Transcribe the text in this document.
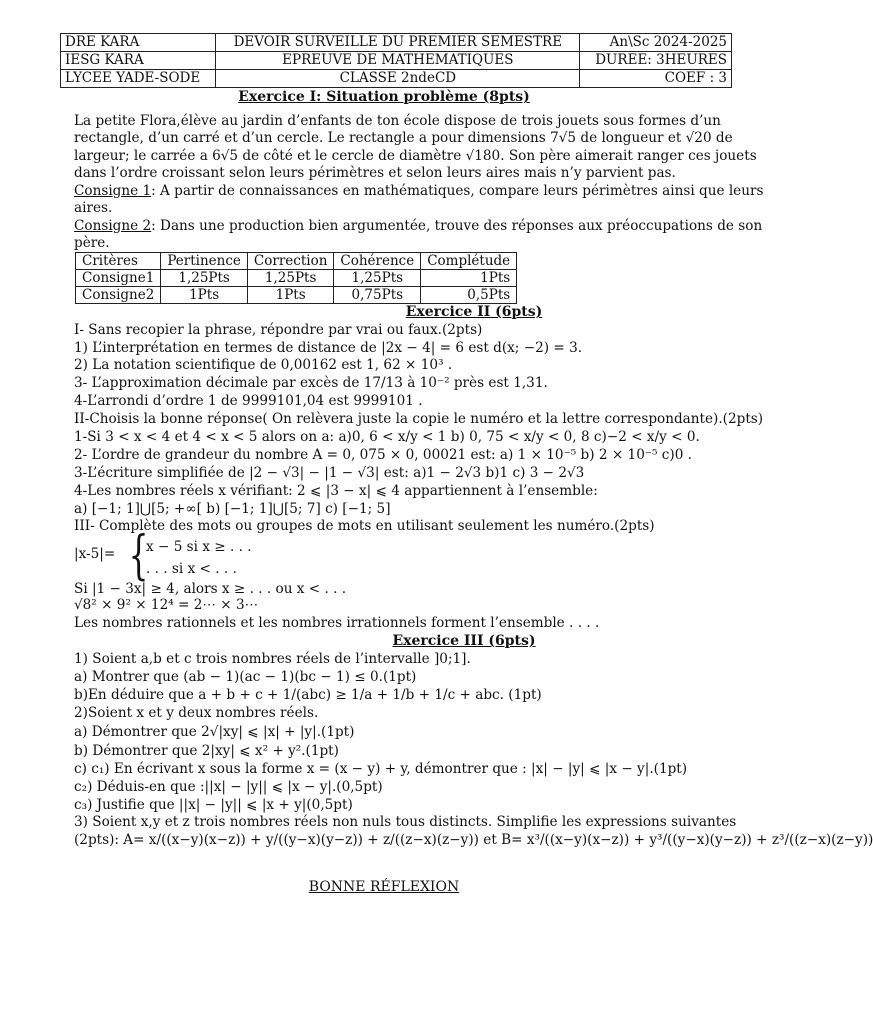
DRE KARA	DEVOIR SURVEILLE DU PREMIER SEMESTRE	An\Sc 2024-2025
IESG KARA	EPREUVE DE MATHEMATIQUES	DUREE: 3HEURES
LYCEE YADE-SODE	CLASSE 2ndeCD	COEF : 3
Exercice I: Situation problème (8pts)
La petite Flora,élève au jardin d’enfants de ton école dispose de trois jouets sous formes d’un
rectangle, d’un carré et d’un cercle. Le rectangle a pour dimensions 7√5 de longueur et √20 de
largeur; le carrée a 6√5 de côté et le cercle de diamètre √180. Son père aimerait ranger ces jouets
dans l’ordre croissant selon leurs périmètres et selon leurs aires mais n’y parvient pas.
Consigne 1: A partir de connaissances en mathématiques, compare leurs périmètres ainsi que leurs
aires.
Consigne 2: Dans une production bien argumentée, trouve des réponses aux préoccupations de son
père.
Exercice II (6pts)
I- Sans recopier la phrase, répondre par vrai ou faux.(2pts)
1) L’interprétation en termes de distance de |2x − 4| = 6 est d(x; −2) = 3.
2) La notation scientifique de 0,00162 est 1, 62 × 10³ .
3- L’approximation décimale par excès de 17/13 à 10⁻² près est 1,31.
4-L’arrondi d’ordre 1 de 9999101,04 est 9999101 .
II-Choisis la bonne réponse( On relèvera juste la copie le numéro et la lettre correspondante).(2pts)
1-Si 3 < x < 4 et 4 < x < 5 alors on a: a)0, 6 < x/y < 1 b) 0, 75 < x/y < 0, 8 c)−2 < x/y < 0.
2- L’ordre de grandeur du nombre A = 0, 075 × 0, 00021 est: a) 1 × 10⁻⁵ b) 2 × 10⁻⁵ c)0 .
3-L’écriture simplifiée de |2 − √3| − |1 − √3| est: a)1 − 2√3 b)1 c) 3 − 2√3
4-Les nombres réels x vérifiant: 2 ⩽ |3 − x| ⩽ 4 appartiennent à l’ensemble:
a) [−1; 1]⋃[5; +∞[ b) [−1; 1]⋃[5; 7] c) [−1; 5]
III- Complète des mots ou groupes de mots en utilisant seulement les numéro.(2pts)
|x-5|= x − 5 si x ≥ . . .
. . . si x < . . .
Si |1 − 3x| ≥ 4, alors x ≥ . . . ou x < . . .
√8² × 9² × 12⁴ = 2⋯ × 3⋯
Les nombres rationnels et les nombres irrationnels forment l’ensemble . . . .
Exercice III (6pts)
1) Soient a,b et c trois nombres réels de l’intervalle ]0;1].
a) Montrer que (ab − 1)(ac − 1)(bc − 1) ≤ 0.(1pt)
b)En déduire que a + b + c + 1/(abc) ≥ 1/a + 1/b + 1/c + abc. (1pt)
2)Soient x et y deux nombres réels.
a) Démontrer que 2√|xy| ⩽ |x| + |y|.(1pt)
b) Démontrer que 2|xy| ⩽ x² + y².(1pt)
c) c₁) En écrivant x sous la forme x = (x − y) + y, démontrer que : |x| − |y| ⩽ |x − y|.(1pt)
c₂) Déduis-en que :||x| − |y|| ⩽ |x − y|.(0,5pt)
c₃) Justifie que ||x| − |y|| ⩽ |x + y|(0,5pt)
3) Soient x,y et z trois nombres réels non nuls tous distincts. Simplifie les expressions suivantes
(2pts): A= x/((x−y)(x−z)) + y/((y−x)(y−z)) + z/((z−x)(z−y)) et B= x³/((x−y)(x−z)) + y³/((y−x)(y−z)) + z³/((z−x)(z−y))
Critères	Pertinence	Correction	Cohérence	Complétude
Consigne1	1,25Pts	1,25Pts	1,25Pts	1Pts
Consigne2	1Pts	1Pts	0,75Pts	0,5Pts
{
BONNE RÉFLEXION
